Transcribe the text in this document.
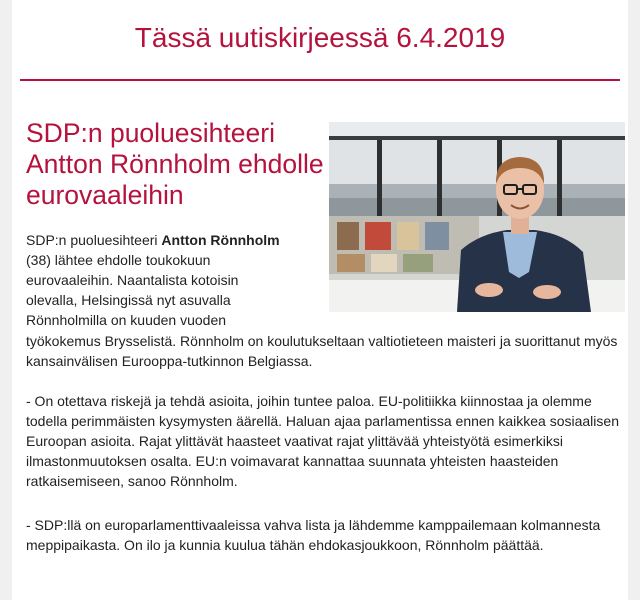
Tässä uutiskirjeessä 6.4.2019
SDP:n puoluesihteeri Antton Rönnholm ehdolle eurovaaleihin

SDP:n puoluesihteeri Antton Rönnholm

(38) lähtee ehdolle toukokuun

eurovaaleihin. Naantalista kotoisin

olevalla, Helsingissä nyt asuvalla

Rönnholmilla on kuuden vuoden

työkokemus Brysselistä. Rönnholm on koulutukseltaan valtiotieteen maisteri ja suorittanut myös kansainvälisen Eurooppa-tutkinnon Belgiassa.

- On otettava riskejä ja tehdä asioita, joihin tuntee paloa. EU-politiikka kiinnostaa ja olemme todella perimmäisten kysymysten äärellä. Haluan ajaa parlamentissa ennen kaikkea sosiaalisen Euroopan asioita. Rajat ylittävät haasteet vaativat rajat ylittävää yhteistyötä esimerkiksi ilmastonmuutoksen osalta. EU:n voimavarat kannattaa suunnata yhteisten haasteiden ratkaisemiseen, sanoo Rönnholm.

- SDP:llä on europarlamenttivaaleissa vahva lista ja lähdemme kamppailemaan kolmannesta meppipaikasta. On ilo ja kunnia kuulua tähän ehdokasjoukkoon, Rönnholm päättää.
